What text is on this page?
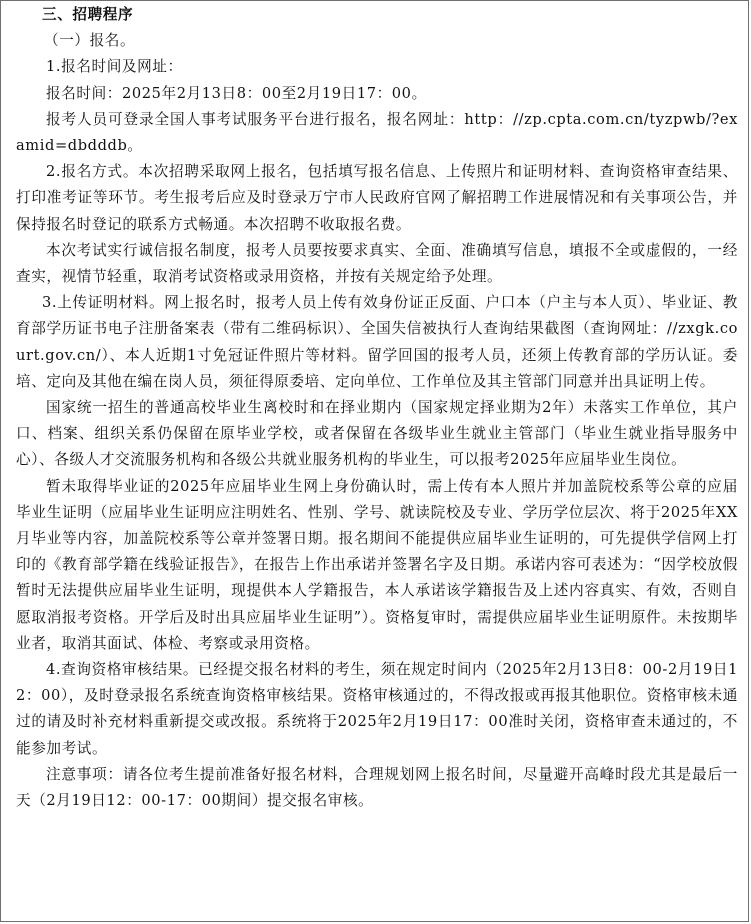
三、招聘程序

（一）报名。

1.报名时间及网址：

报名时间：2025年2月13日8：00至2月19日17：00。

报考人员可登录全国人事考试服务平台进行报名，报名网址：http：//zp.cpta.com.cn/tyzpwb/?examid=dbdddb。

2.报名方式。本次招聘采取网上报名，包括填写报名信息、上传照片和证明材料、查询资格审查结果、打印准考证等环节。考生报考后应及时登录万宁市人民政府官网了解招聘工作进展情况和有关事项公告，并保持报名时登记的联系方式畅通。本次招聘不收取报名费。

本次考试实行诚信报名制度，报考人员要按要求真实、全面、准确填写信息，填报不全或虚假的，一经查实，视情节轻重，取消考试资格或录用资格，并按有关规定给予处理。

3.上传证明材料。网上报名时，报考人员上传有效身份证正反面、户口本（户主与本人页）、毕业证、教育部学历证书电子注册备案表（带有二维码标识）、全国失信被执行人查询结果截图（查询网址：//zxgk.court.gov.cn/）、本人近期1寸免冠证件照片等材料。留学回国的报考人员，还须上传教育部的学历认证。委培、定向及其他在编在岗人员，须征得原委培、定向单位、工作单位及其主管部门同意并出具证明上传。

国家统一招生的普通高校毕业生离校时和在择业期内（国家规定择业期为2年）未落实工作单位，其户口、档案、组织关系仍保留在原毕业学校，或者保留在各级毕业生就业主管部门（毕业生就业指导服务中心）、各级人才交流服务机构和各级公共就业服务机构的毕业生，可以报考2025年应届毕业生岗位。

暂未取得毕业证的2025年应届毕业生网上身份确认时，需上传有本人照片并加盖院校系等公章的应届毕业生证明（应届毕业生证明应注明姓名、性别、学号、就读院校及专业、学历学位层次、将于2025年XX月毕业等内容，加盖院校系等公章并签署日期。报名期间不能提供应届毕业生证明的，可先提供学信网上打印的《教育部学籍在线验证报告》，在报告上作出承诺并签署名字及日期。承诺内容可表述为：“因学校放假暂时无法提供应届毕业生证明，现提供本人学籍报告，本人承诺该学籍报告及上述内容真实、有效，否则自愿取消报考资格。开学后及时出具应届毕业生证明”）。资格复审时，需提供应届毕业生证明原件。未按期毕业者，取消其面试、体检、考察或录用资格。

4.查询资格审核结果。已经提交报名材料的考生，须在规定时间内（2025年2月13日8：00-2月19日12：00），及时登录报名系统查询资格审核结果。资格审核通过的，不得改报或再报其他职位。资格审核未通过的请及时补充材料重新提交或改报。系统将于2025年2月19日17：00准时关闭，资格审查未通过的，不能参加考试。

注意事项：请各位考生提前准备好报名材料，合理规划网上报名时间，尽量避开高峰时段尤其是最后一天（2月19日12：00-17：00期间）提交报名审核。
